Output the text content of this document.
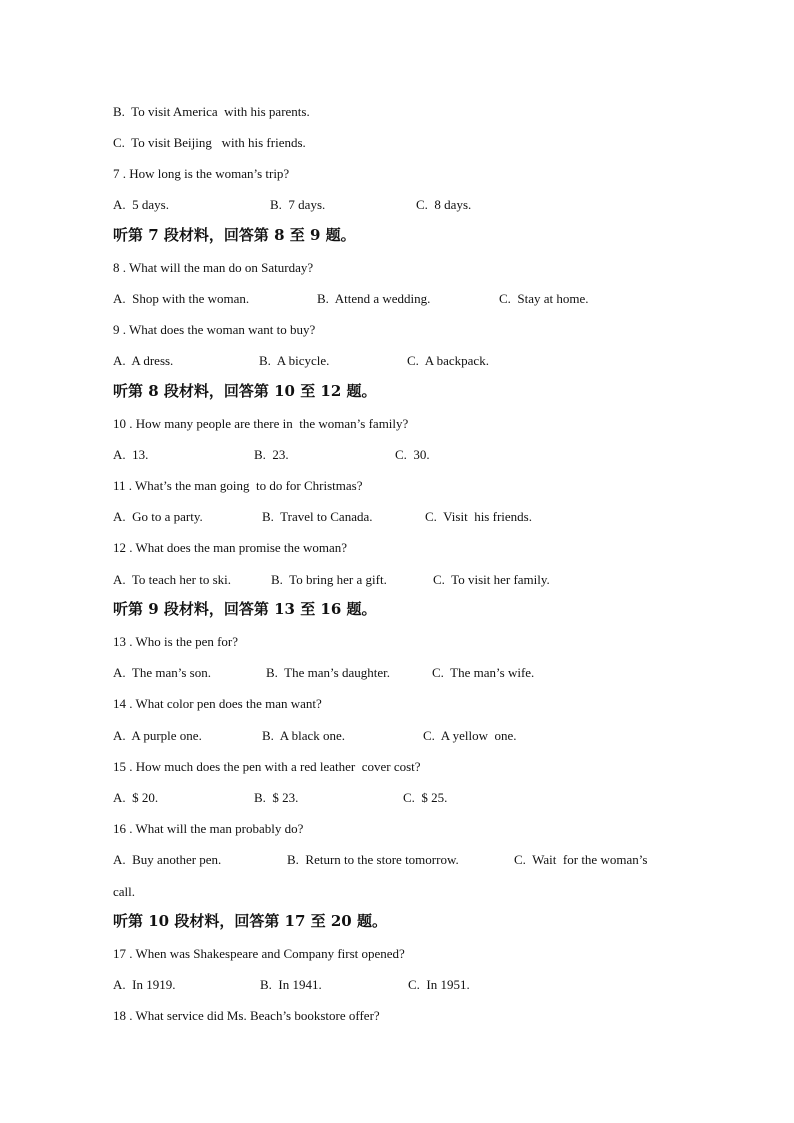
B.  To visit America  with his parents.
C.  To visit Beijing   with his friends.
7 . How long is the woman’s trip?

A.  5 days.

	B.  7 days.

	C.  8 days.

听第 7 段材料，回答第 8 至 9 题。
8 . What will the man do on Saturday?

A.  Shop with the woman.

	B.  Attend a wedding.

	C.  Stay at home.

9 . What does the woman want to buy?

A.  A dress.

	B.  A bicycle.

	C.  A backpack.

听第 8 段材料，回答第 10 至 12 题。
10 . How many people are there in  the woman’s family?

A.  13.

	B.  23.

	C.  30.

11 . What’s the man going  to do for Christmas?

A.  Go to a party.

	B.  Travel to Canada.

	C.  Visit  his friends.

12 . What does the man promise the woman?

A.  To teach her to ski.

	B.  To bring her a gift.

	C.  To visit her family.

听第 9 段材料，回答第 13 至 16 题。
13 . Who is the pen for?

A.  The man’s son.

	B.  The man’s daughter.

	C.  The man’s wife.

14 . What color pen does the man want?

A.  A purple one.

	B.  A black one.

	C.  A yellow  one.

15 . How much does the pen with a red leather  cover cost?

A.  $ 20.

	B.  $ 23.

	C.  $ 25.

16 . What will the man probably do?

A.  Buy another pen.

	B.  Return to the store tomorrow.

	C.  Wait  for the woman’s

call.
听第 10 段材料，回答第 17 至 20 题。
17 . When was Shakespeare and Company first opened?

A.  In 1919.

	B.  In 1941.

	C.  In 1951.

18 . What service did Ms. Beach’s bookstore offer?
